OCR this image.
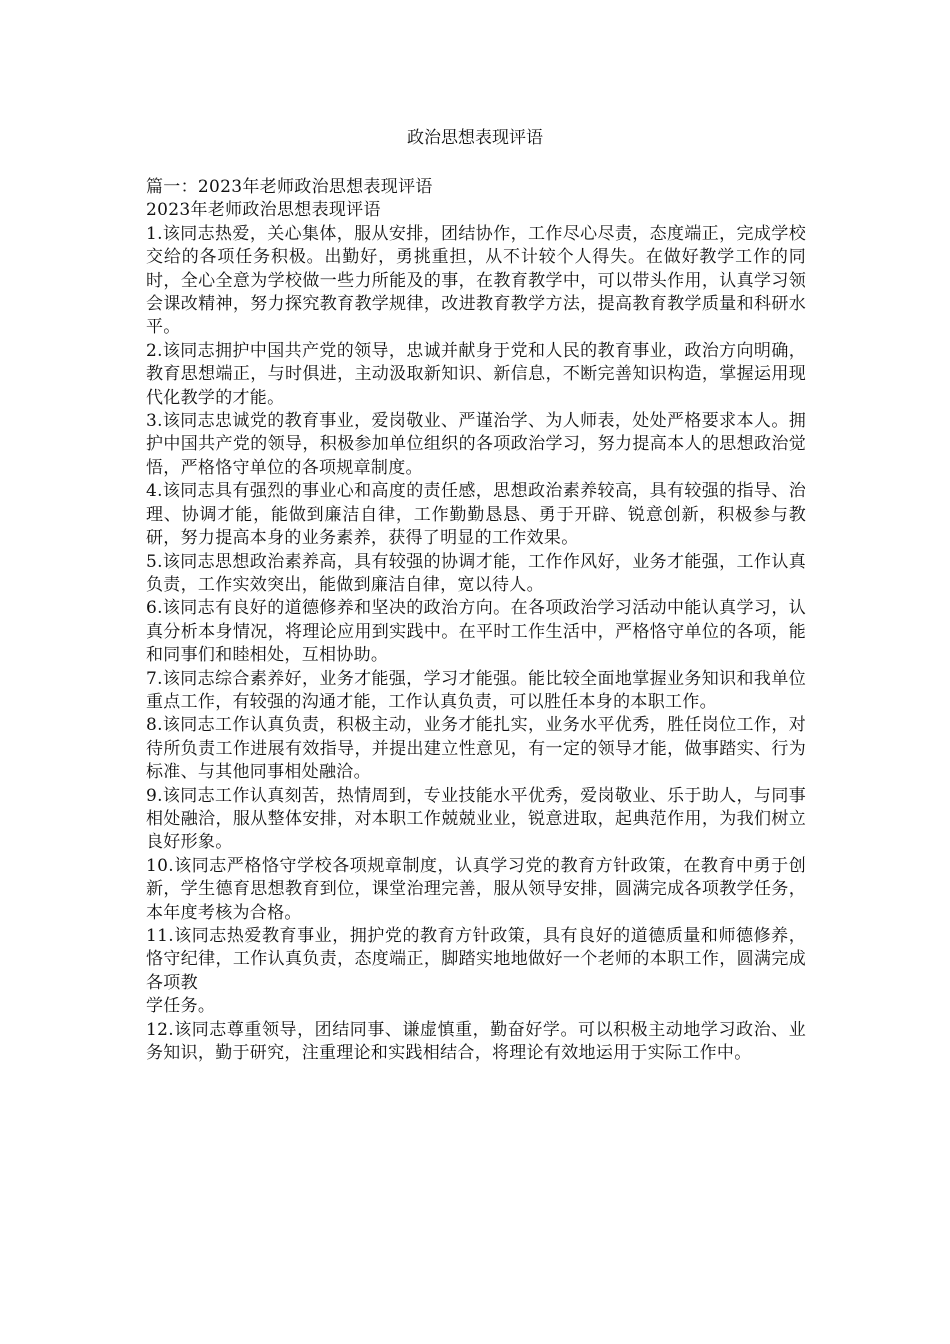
政治思想表现评语

篇一：2023年老师政治思想表现评语

2023年老师政治思想表现评语

1.该同志热爱，关心集体，服从安排，团结协作，工作尽心尽责，态度端正，完成学校交给的各项任务积极。出勤好，勇挑重担，从不计较个人得失。在做好教学工作的同时，全心全意为学校做一些力所能及的事，在教育教学中，可以带头作用，认真学习领会课改精神，努力探究教育教学规律，改进教育教学方法，提高教育教学质量和科研水平。

2.该同志拥护中国共产党的领导，忠诚并献身于党和人民的教育事业，政治方向明确，教育思想端正，与时俱进，主动汲取新知识、新信息，不断完善知识构造，掌握运用现代化教学的才能。

3.该同志忠诚党的教育事业，爱岗敬业、严谨治学、为人师表，处处严格要求本人。拥护中国共产党的领导，积极参加单位组织的各项政治学习，努力提高本人的思想政治觉悟，严格恪守单位的各项规章制度。

4.该同志具有强烈的事业心和高度的责任感，思想政治素养较高，具有较强的指导、治理、协调才能，能做到廉洁自律，工作勤勤恳恳、勇于开辟、锐意创新，积极参与教研，努力提高本身的业务素养，获得了明显的工作效果。

5.该同志思想政治素养高，具有较强的协调才能，工作作风好，业务才能强，工作认真负责，工作实效突出，能做到廉洁自律，宽以待人。

6.该同志有良好的道德修养和坚决的政治方向。在各项政治学习活动中能认真学习，认真分析本身情况，将理论应用到实践中。在平时工作生活中，严格恪守单位的各项，能和同事们和睦相处，互相协助。

7.该同志综合素养好，业务才能强，学习才能强。能比较全面地掌握业务知识和我单位重点工作，有较强的沟通才能，工作认真负责，可以胜任本身的本职工作。

8.该同志工作认真负责，积极主动，业务才能扎实，业务水平优秀，胜任岗位工作，对待所负责工作进展有效指导，并提出建立性意见，有一定的领导才能，做事踏实、行为标准、与其他同事相处融洽。

9.该同志工作认真刻苦，热情周到，专业技能水平优秀，爱岗敬业、乐于助人，与同事相处融洽，服从整体安排，对本职工作兢兢业业，锐意进取，起典范作用，为我们树立良好形象。

10.该同志严格恪守学校各项规章制度，认真学习党的教育方针政策，在教育中勇于创新，学生德育思想教育到位，课堂治理完善，服从领导安排，圆满完成各项教学任务，本年度考核为合格。

11.该同志热爱教育事业，拥护党的教育方针政策，具有良好的道德质量和师德修养，恪守纪律，工作认真负责，态度端正，脚踏实地地做好一个老师的本职工作，圆满完成各项教

学任务。

12.该同志尊重领导，团结同事、谦虚慎重，勤奋好学。可以积极主动地学习政治、业务知识，勤于研究，注重理论和实践相结合，将理论有效地运用于实际工作中。
